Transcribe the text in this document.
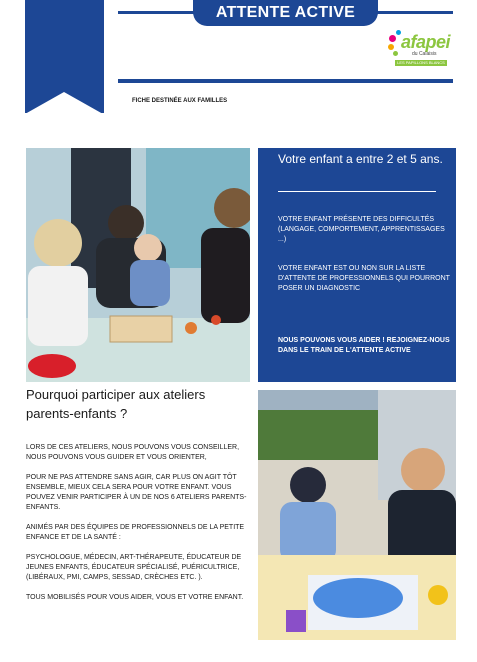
ATTENTE ACTIVE
afapei
du Calaisis
LES PAPILLONS BLANCS
FICHE DESTINÉE AUX FAMILLES
Votre enfant a entre 2 et 5 ans.
VOTRE ENFANT PRÉSENTE DES DIFFICULTÉS (LANGAGE, COMPORTEMENT, APPRENTISSAGES ...)
VOTRE ENFANT EST OU NON SUR LA LISTE D'ATTENTE DE PROFESSIONNELS QUI POURRONT POSER UN DIAGNOSTIC
NOUS POUVONS VOUS AIDER ! REJOIGNEZ-NOUS DANS LE TRAIN DE L'ATTENTE ACTIVE
Pourquoi participer aux ateliers parents-enfants ?

LORS DE CES ATELIERS, NOUS POUVONS VOUS CONSEILLER, NOUS POUVONS VOUS GUIDER ET VOUS ORIENTER,

POUR NE PAS ATTENDRE SANS AGIR, CAR PLUS ON AGIT TÔT ENSEMBLE, MIEUX CELA SERA POUR VOTRE ENFANT. VOUS POUVEZ VENIR PARTICIPER À UN DE NOS 6 ATELIERS PARENTS-ENFANTS.

ANIMÉS PAR DES ÉQUIPES DE PROFESSIONNELS DE LA PETITE ENFANCE ET DE LA SANTÉ :

PSYCHOLOGUE, MÉDECIN, ART-THÉRAPEUTE, ÉDUCATEUR DE JEUNES ENFANTS, ÉDUCATEUR SPÉCIALISÉ, PUÉRICULTRICE,(LIBÉRAUX, PMI, CAMPS, SESSAD, CRÈCHES ETC. ).

TOUS MOBILISÉS POUR VOUS AIDER, VOUS ET VOTRE ENFANT.
